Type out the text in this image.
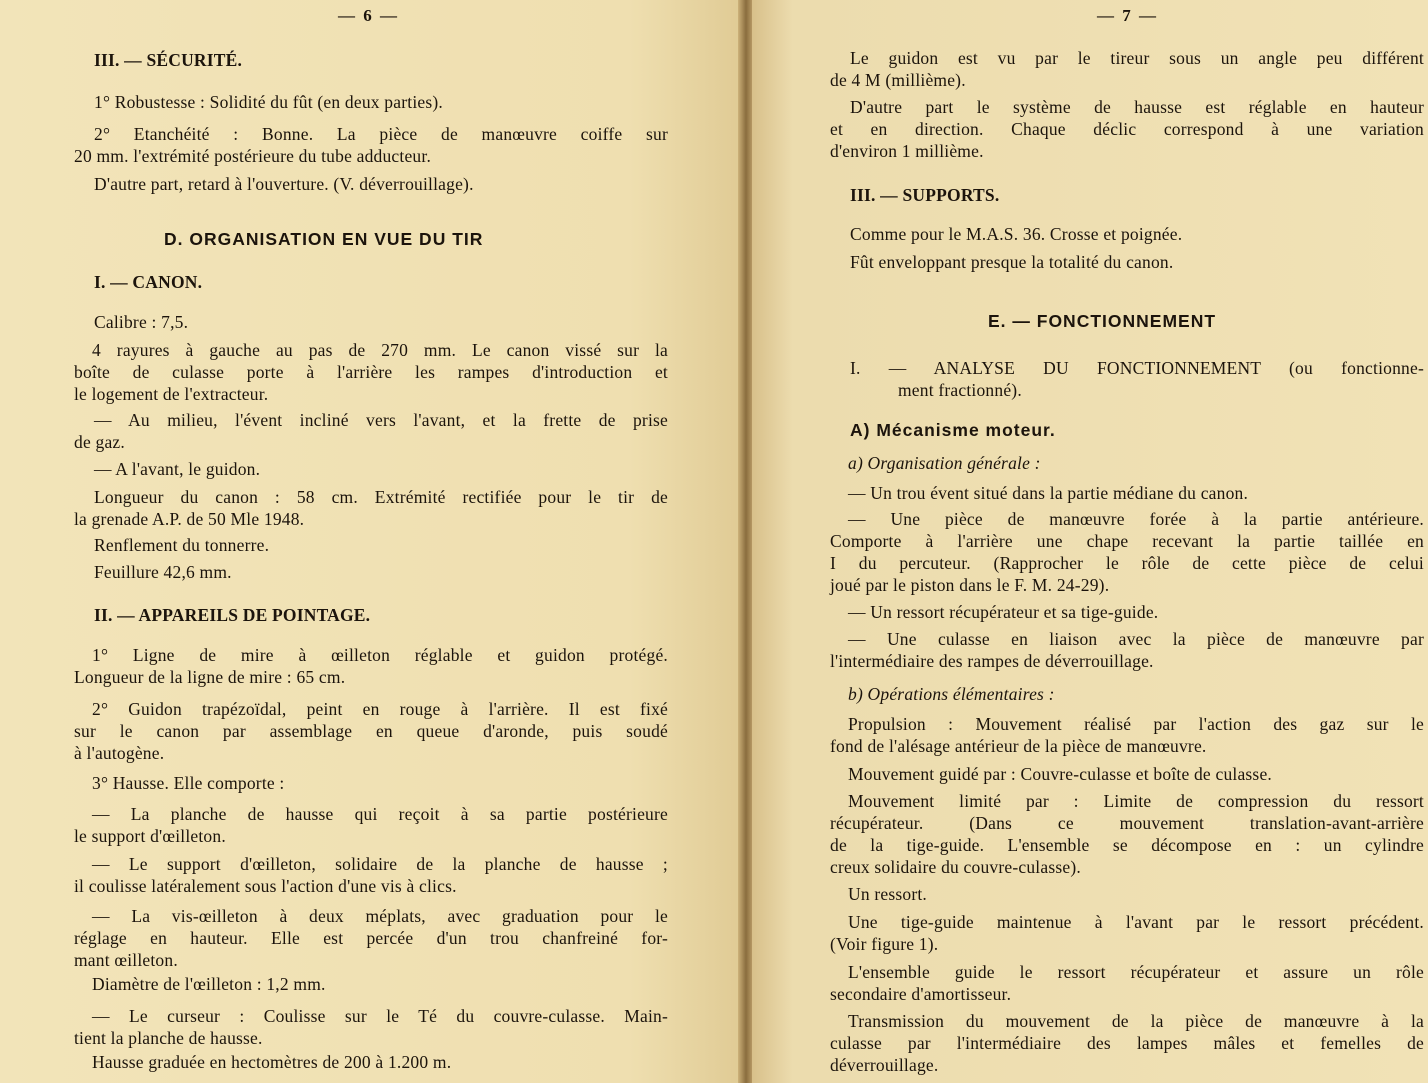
— 6 —
III. — SÉCURITÉ.
1° Robustesse : Solidité du fût (en deux parties).
2° Etanchéité : Bonne. La pièce de manœuvre coiffe sur
20 mm. l'extrémité postérieure du tube adducteur.
D'autre part, retard à l'ouverture. (V. déverrouillage).
D. ORGANISATION EN VUE DU TIR
I. — CANON.
Calibre : 7,5.
4 rayures à gauche au pas de 270 mm. Le canon vissé sur la
boîte de culasse porte à l'arrière les rampes d'introduction et
le logement de l'extracteur.
— Au milieu, l'évent incliné vers l'avant, et la frette de prise
de gaz.
— A l'avant, le guidon.
Longueur du canon : 58 cm. Extrémité rectifiée pour le tir de
la grenade A.P. de 50 Mle 1948.
Renflement du tonnerre.
Feuillure 42,6 mm.
II. — APPAREILS DE POINTAGE.
1° Ligne de mire à œilleton réglable et guidon protégé.
Longueur de la ligne de mire : 65 cm.
2° Guidon trapézoïdal, peint en rouge à l'arrière. Il est fixé
sur le canon par assemblage en queue d'aronde, puis soudé
à l'autogène.
3° Hausse. Elle comporte :
— La planche de hausse qui reçoit à sa partie postérieure
le support d'œilleton.
— Le support d'œilleton, solidaire de la planche de hausse ;
il coulisse latéralement sous l'action d'une vis à clics.
— La vis-œilleton à deux méplats, avec graduation pour le
réglage en hauteur. Elle est percée d'un trou chanfreiné for-
mant œilleton.
Diamètre de l'œilleton : 1,2 mm.
— Le curseur : Coulisse sur le Té du couvre-culasse. Main-
tient la planche de hausse.
Hausse graduée en hectomètres de 200 à 1.200 m.
— 7 —
Le guidon est vu par le tireur sous un angle peu différent
de 4 M (millième).
D'autre part le système de hausse est réglable en hauteur
et en direction. Chaque déclic correspond à une variation
d'environ 1 millième.
III. — SUPPORTS.
Comme pour le M.A.S. 36. Crosse et poignée.
Fût enveloppant presque la totalité du canon.
E. — FONCTIONNEMENT
I. — ANALYSE DU FONCTIONNEMENT (ou fonctionne-
ment fractionné).
A) Mécanisme moteur.
a) Organisation générale :
— Un trou évent situé dans la partie médiane du canon.
— Une pièce de manœuvre forée à la partie antérieure.
Comporte à l'arrière une chape recevant la partie taillée en
I du percuteur. (Rapprocher le rôle de cette pièce de celui
joué par le piston dans le F. M. 24-29).
— Un ressort récupérateur et sa tige-guide.
— Une culasse en liaison avec la pièce de manœuvre par
l'intermédiaire des rampes de déverrouillage.
b) Opérations élémentaires :
Propulsion : Mouvement réalisé par l'action des gaz sur le
fond de l'alésage antérieur de la pièce de manœuvre.
Mouvement guidé par : Couvre-culasse et boîte de culasse.
Mouvement limité par : Limite de compression du ressort
récupérateur. (Dans ce mouvement translation-avant-arrière
de la tige-guide. L'ensemble se décompose en : un cylindre
creux solidaire du couvre-culasse).
Un ressort.
Une tige-guide maintenue à l'avant par le ressort précédent.
(Voir figure 1).
L'ensemble guide le ressort récupérateur et assure un rôle
secondaire d'amortisseur.
Transmission du mouvement de la pièce de manœuvre à la
culasse par l'intermédiaire des lampes mâles et femelles de
déverrouillage.
